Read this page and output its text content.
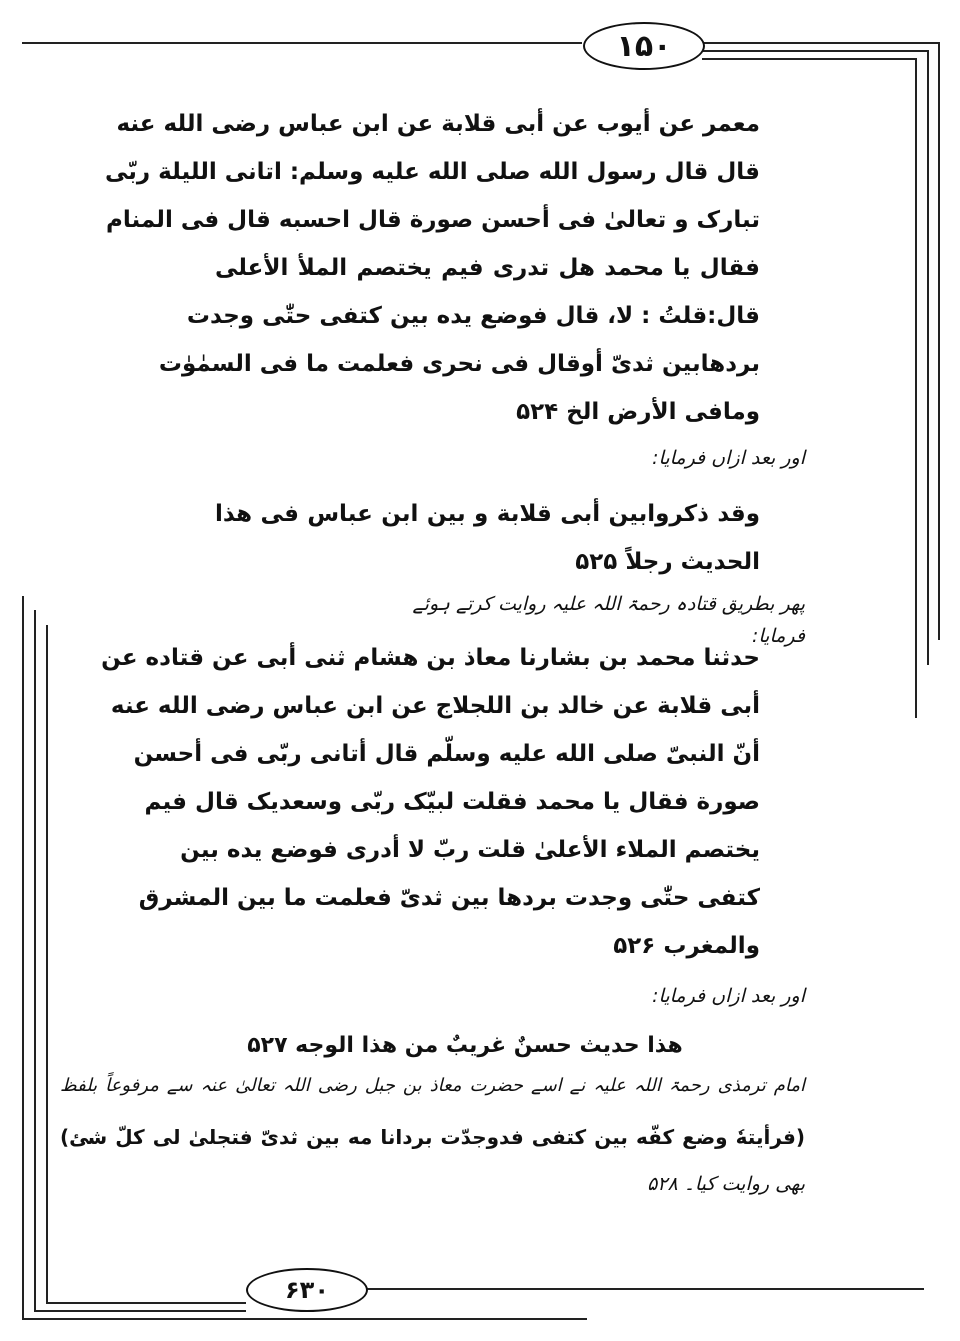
۱۵۰
۶۳۰
معمر عن أيوب عن أبى قلابة عن ابن عباس رضى الله عنه
قال قال رسول الله صلى الله عليه وسلم: اتانى الليلة ربّى
تبارک و تعالىٰ فى أحسن صورة قال احسبه قال فى المنام
فقال يا محمد هل تدرى فيم يختصم الملأ الأعلى
قال:قلتُ : لا، قال فوضع يده بين كتفى حتّٰى وجدت
بردهابين ثدىّ أوقال فى نحرى فعلمت ما فى السمٰوٰت
ومافى الأرض الخ ۵۲۴
اور بعد ازاں فرمایا:
وقد ذكروابين أبى قلابة و بين ابن عباس فى هذا
الحديث رجلاً ۵۲۵
پھر بطریق قتادہ رحمۃ اللہ علیہ روایت کرتے ہوئے فرمایا:
حدثنا محمد بن بشارنا معاذ بن هشام ثنى أبى عن قتاده عن
أبى قلابة عن خالد بن اللجلاج عن ابن عباس رضى الله عنه
أنّ النبىّ صلى الله عليه وسلّم قال أتانى ربّى فى أحسن
صورة فقال يا محمد فقلت لبيّک ربّى وسعديک قال فيم
يختصم الملاء الأعلىٰ قلت ربّ لا أدرى فوضع يده بين
كتفى حتّٰى وجدت بردها بين ثدىّ فعلمت ما بين المشرق
والمغرب ۵۲۶
اور بعد ازاں فرمایا:
هذا حديث حسنٌ غريبٌ من هذا الوجه ۵۲۷
امام ترمذی رحمۃ اللہ علیہ نے اسے حضرت معاذ بن جبل رضی اللہ تعالیٰ عنہ سے مرفوعاً بلفظ
(فرأيتهٗ وضع كفّه بين كتفى فدوجدّت بردانا مه بين ثدىّ فتجلىٰ لى كلّ شئ)
بھی روایت کیا۔ ۵۲۸
